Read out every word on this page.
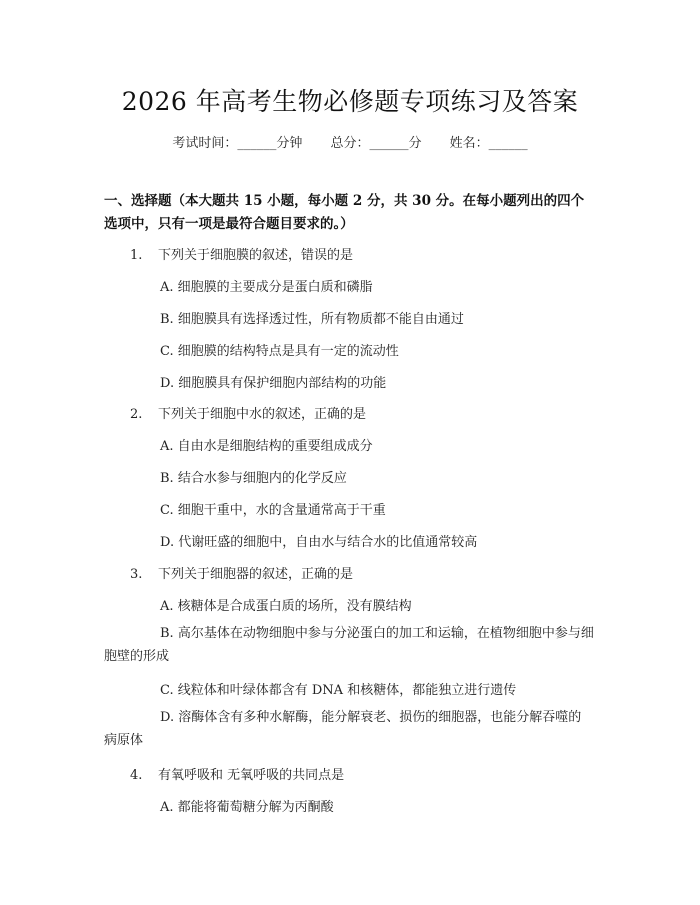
2026 年高考生物必修题专项练习及答案
考试时间：______分钟 总分：______分 姓名：______
一、选择题（本大题共 15 小题，每小题 2 分，共 30 分。在每小题列出的四个选项中，只有一项是最符合题目要求的。）
1. 下列关于细胞膜的叙述，错误的是
A. 细胞膜的主要成分是蛋白质和磷脂
B. 细胞膜具有选择透过性，所有物质都不能自由通过
C. 细胞膜的结构特点是具有一定的流动性
D. 细胞膜具有保护细胞内部结构的功能
2. 下列关于细胞中水的叙述，正确的是
A. 自由水是细胞结构的重要组成成分
B. 结合水参与细胞内的化学反应
C. 细胞干重中，水的含量通常高于干重
D. 代谢旺盛的细胞中，自由水与结合水的比值通常较高
3. 下列关于细胞器的叙述，正确的是
A. 核糖体是合成蛋白质的场所，没有膜结构
B. 高尔基体在动物细胞中参与分泌蛋白的加工和运输，在植物细胞中参与细胞壁的形成
C. 线粒体和叶绿体都含有 DNA 和核糖体，都能独立进行遗传
D. 溶酶体含有多种水解酶，能分解衰老、损伤的细胞器，也能分解吞噬的病原体
4. 有氧呼吸和 无氧呼吸的共同点是
A. 都能将葡萄糖分解为丙酮酸
